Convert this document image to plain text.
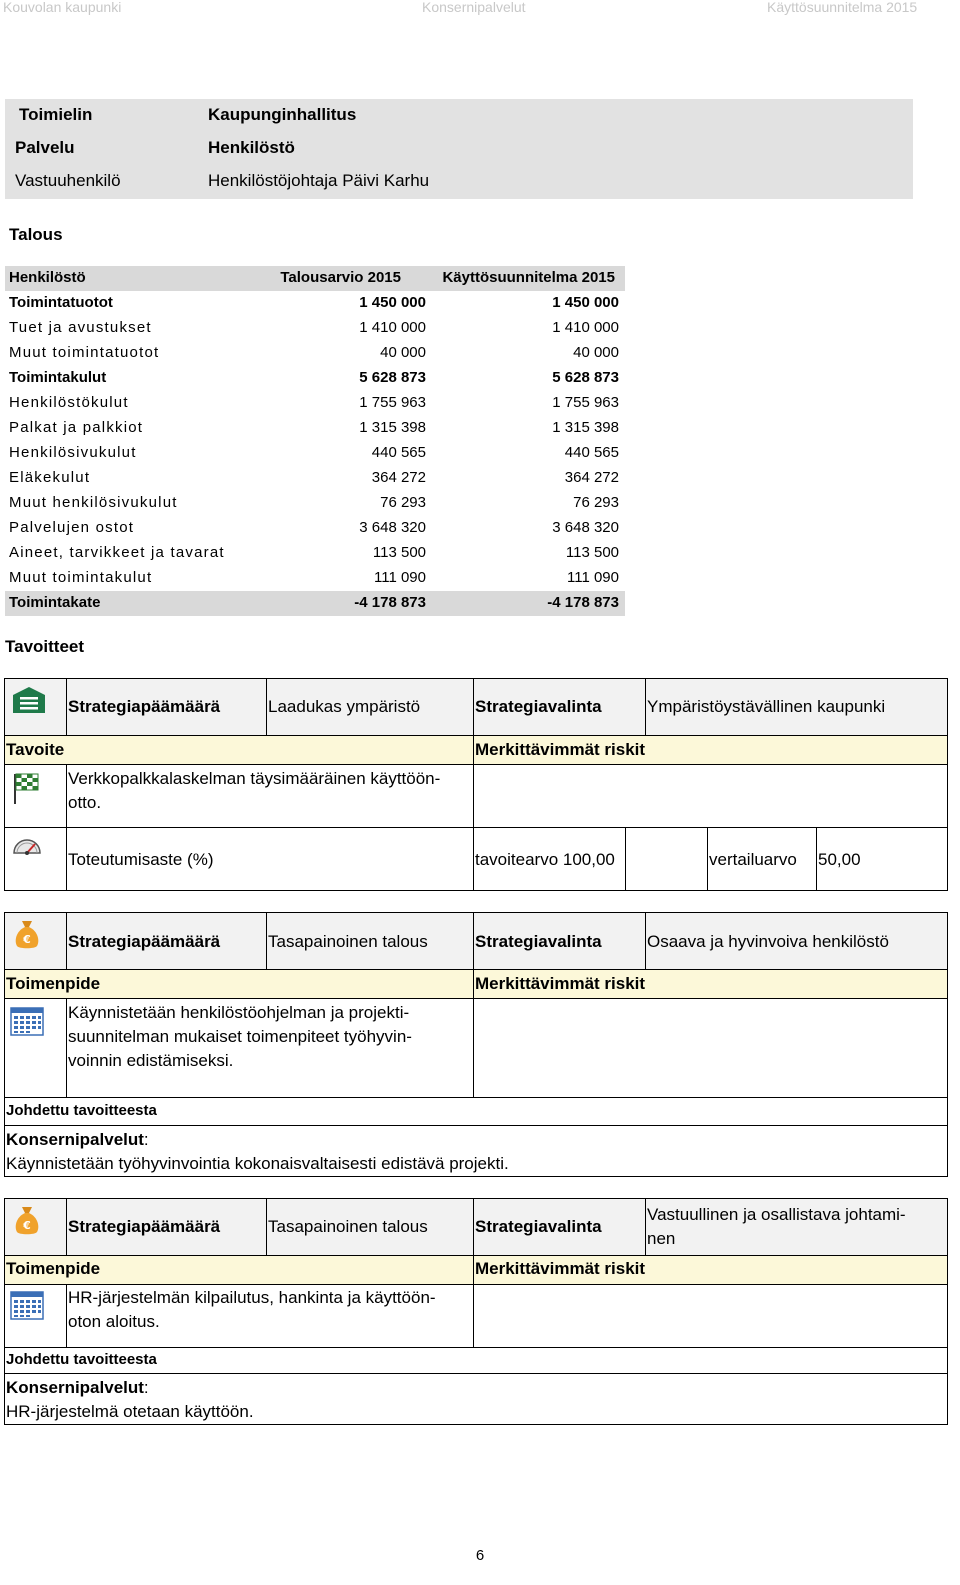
Kouvolan kaupunki	Konsernipalvelut	Käyttösuunnitelma 2015
Toimielin	Kaupunginhallitus
Palvelu	Henkilöstö
Vastuuhenkilö	Henkilöstöjohtaja Päivi Karhu
Talous
Henkilöstö	Talousarvio 2015	Käyttösuunnitelma 2015
Toimintatuotot	1 450 000	1 450 000
Tuet ja avustukset	1 410 000	1 410 000
Muut toimintatuotot	40 000	40 000
Toimintakulut	5 628 873	5 628 873
Henkilöstökulut	1 755 963	1 755 963
Palkat ja palkkiot	1 315 398	1 315 398
Henkilösivukulut	440 565	440 565
Eläkekulut	364 272	364 272
Muut henkilösivukulut	76 293	76 293
Palvelujen ostot	3 648 320	3 648 320
Aineet, tarvikkeet ja tavarat	113 500	113 500
Muut toimintakulut	111 090	111 090
Toimintakate	-4 178 873	-4 178 873
Tavoitteet
Strategiapäämäärä	Laadukas ympäristö	Strategiavalinta	Ympäristöystävällinen kaupunki
Tavoite	Merkittävimmät riskit
Verkkopalkkalaskelman täysimääräinen käyttöön-
otto.
Toteutumisaste (%)	tavoitearvo 100,00	vertailuarvo	50,00
€ Strategiapäämäärä	Tasapainoinen talous	Strategiavalinta	Osaava ja hyvinvoiva henkilöstö
Toimenpide	Merkittävimmät riskit
Käynnistetään henkilöstöohjelman ja projekti-
suunnitelman mukaiset toimenpiteet työhyvin-
voinnin edistämiseksi.
Johdettu tavoitteesta
Konsernipalvelut:
Käynnistetään työhyvinvointia kokonaisvaltaisesti edistävä projekti.
€ Strategiapäämäärä	Tasapainoinen talous	Strategiavalinta
Vastuullinen ja osallistava johtami-
nen
Toimenpide	Merkittävimmät riskit
HR-järjestelmän kilpailutus, hankinta ja käyttöön-
oton aloitus.
Johdettu tavoitteesta
Konsernipalvelut:
HR-järjestelmä otetaan käyttöön.
6
